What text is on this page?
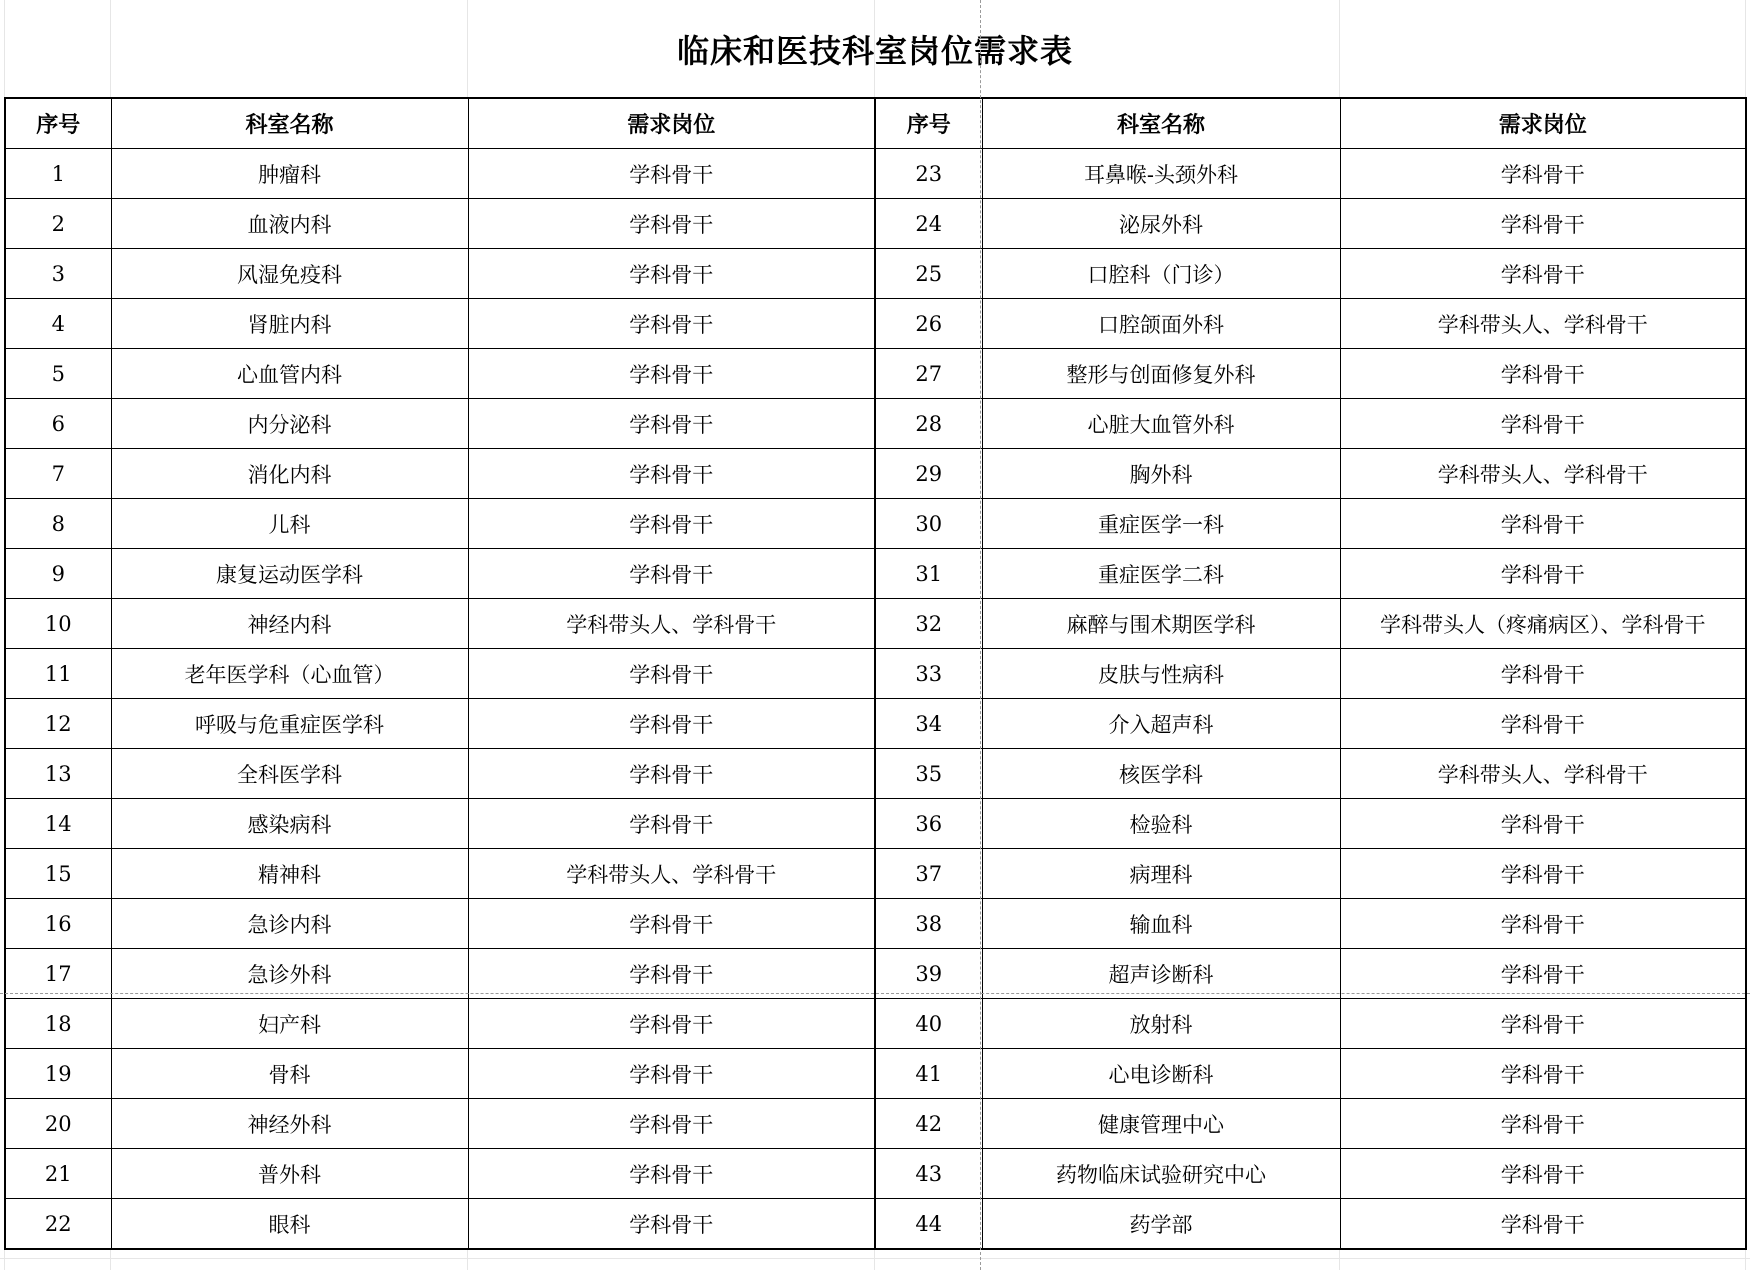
临床和医技科室岗位需求表
序号	科室名称	需求岗位	序号	科室名称	需求岗位
1	肿瘤科	学科骨干	23	耳鼻喉-头颈外科	学科骨干
2	血液内科	学科骨干	24	泌尿外科	学科骨干
3	风湿免疫科	学科骨干	25	口腔科（门诊）	学科骨干
4	肾脏内科	学科骨干	26	口腔颌面外科	学科带头人、学科骨干
5	心血管内科	学科骨干	27	整形与创面修复外科	学科骨干
6	内分泌科	学科骨干	28	心脏大血管外科	学科骨干
7	消化内科	学科骨干	29	胸外科	学科带头人、学科骨干
8	儿科	学科骨干	30	重症医学一科	学科骨干
9	康复运动医学科	学科骨干	31	重症医学二科	学科骨干
10	神经内科	学科带头人、学科骨干	32	麻醉与围术期医学科	学科带头人（疼痛病区）、学科骨干
11	老年医学科（心血管）	学科骨干	33	皮肤与性病科	学科骨干
12	呼吸与危重症医学科	学科骨干	34	介入超声科	学科骨干
13	全科医学科	学科骨干	35	核医学科	学科带头人、学科骨干
14	感染病科	学科骨干	36	检验科	学科骨干
15	精神科	学科带头人、学科骨干	37	病理科	学科骨干
16	急诊内科	学科骨干	38	输血科	学科骨干
17	急诊外科	学科骨干	39	超声诊断科	学科骨干
18	妇产科	学科骨干	40	放射科	学科骨干
19	骨科	学科骨干	41	心电诊断科	学科骨干
20	神经外科	学科骨干	42	健康管理中心	学科骨干
21	普外科	学科骨干	43	药物临床试验研究中心	学科骨干
22	眼科	学科骨干	44	药学部	学科骨干
